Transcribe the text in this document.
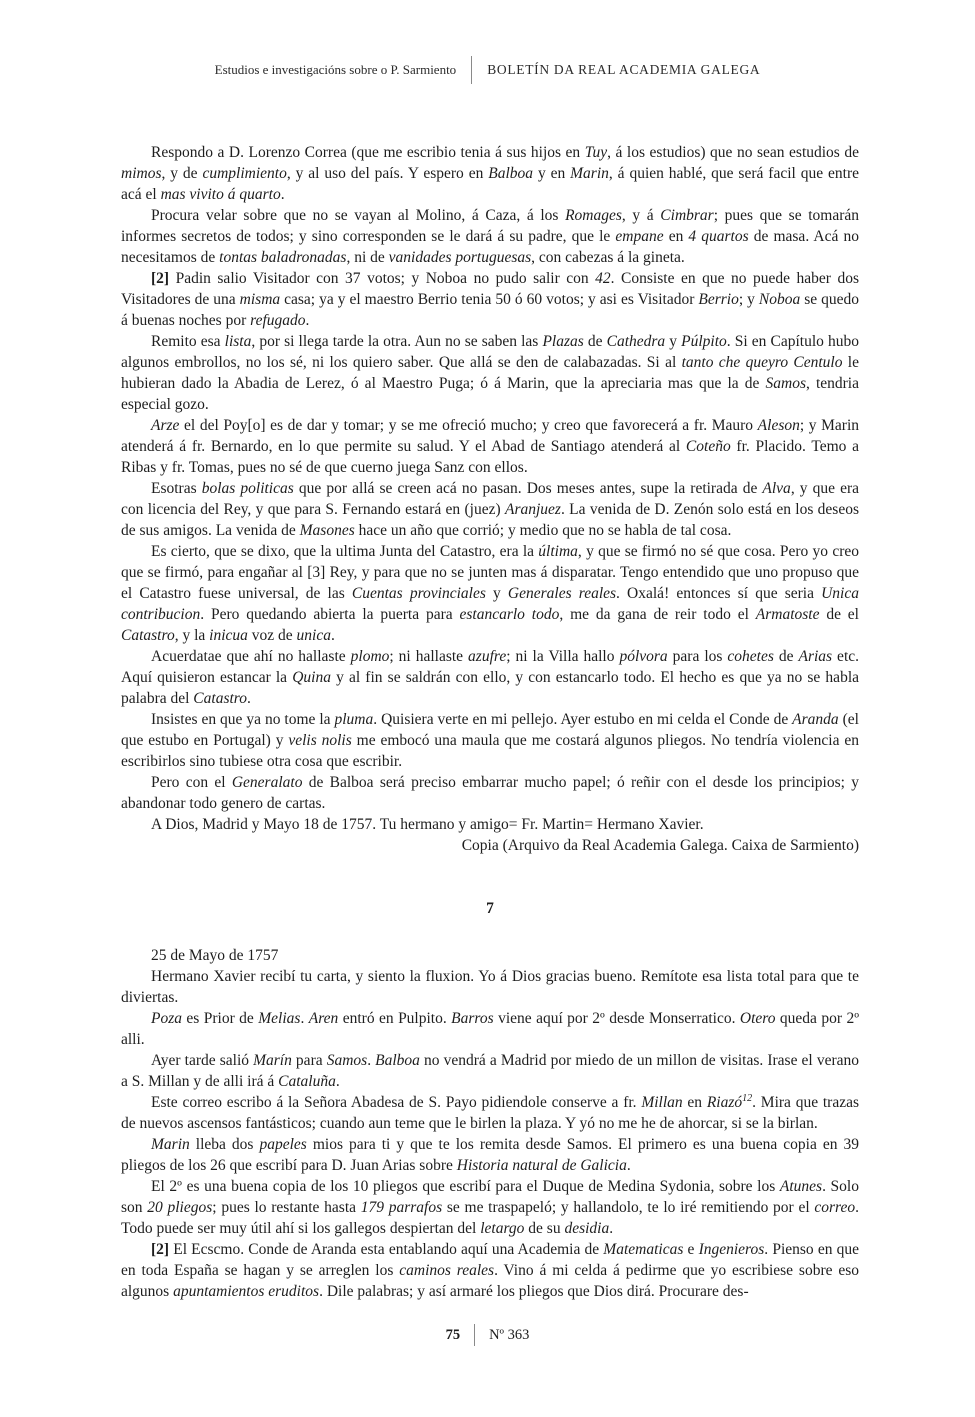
Estudios e investigacións sobre o P. Sarmiento BOLETÍN DA REAL ACADEMIA GALEGA

Respondo a D. Lorenzo Correa (que me escribio tenia á sus hijos en Tuy, á los estudios) que no sean estudios de mimos, y de cumplimiento, y al uso del país. Y espero en Balboa y en Marin, á quien hablé, que será facil que entre acá el mas vivito á quarto.

Procura velar sobre que no se vayan al Molino, á Caza, á los Romages, y á Cimbrar; pues que se tomarán informes secretos de todos; y sino corresponden se le dará á su padre, que le empane en 4 quartos de masa. Acá no necesitamos de tontas baladronadas, ni de vanidades portuguesas, con cabezas á la gineta.

[2] Padin salio Visitador con 37 votos; y Noboa no pudo salir con 42. Consiste en que no puede haber dos Visitadores de una misma casa; ya y el maestro Berrio tenia 50 ó 60 votos; y asi es Visitador Berrio; y Noboa se quedo á buenas noches por refugado.

Remito esa lista, por si llega tarde la otra. Aun no se saben las Plazas de Cathedra y Púlpito. Si en Capítulo hubo algunos embrollos, no los sé, ni los quiero saber. Que allá se den de calabazadas. Si al tanto che queyro Centulo le hubieran dado la Abadia de Lerez, ó al Maestro Puga; ó á Marin, que la apreciaria mas que la de Samos, tendria especial gozo.

Arze el del Poy[o] es de dar y tomar; y se me ofreció mucho; y creo que favorecerá a fr. Mauro Aleson; y Marin atenderá á fr. Bernardo, en lo que permite su salud. Y el Abad de Santiago atenderá al Coteño fr. Placido. Temo a Ribas y fr. Tomas, pues no sé de que cuerno juega Sanz con ellos.

Esotras bolas politicas que por allá se creen acá no pasan. Dos meses antes, supe la retirada de Alva, y que era con licencia del Rey, y que para S. Fernando estará en (juez) Aranjuez. La venida de D. Zenón solo está en los deseos de sus amigos. La venida de Masones hace un año que corrió; y medio que no se habla de tal cosa.

Es cierto, que se dixo, que la ultima Junta del Catastro, era la última, y que se firmó no sé que cosa. Pero yo creo que se firmó, para engañar al [3] Rey, y para que no se junten mas á disparatar. Tengo entendido que uno propuso que el Catastro fuese universal, de las Cuentas provinciales y Generales reales. Oxalá! entonces sí que seria Unica contribucion. Pero quedando abierta la puerta para estancarlo todo, me da gana de reir todo el Armatoste de el Catastro, y la inicua voz de unica.

Acuerdatae que ahí no hallaste plomo; ni hallaste azufre; ni la Villa hallo pólvora para los cohetes de Arias etc. Aquí quisieron estancar la Quina y al fin se saldrán con ello, y con estancarlo todo. El hecho es que ya no se habla palabra del Catastro.

Insistes en que ya no tome la pluma. Quisiera verte en mi pellejo. Ayer estubo en mi celda el Conde de Aranda (el que estubo en Portugal) y velis nolis me embocó una maula que me costará algunos pliegos. No tendría violencia en escribirlos sino tubiese otra cosa que escribir.

Pero con el Generalato de Balboa será preciso embarrar mucho papel; ó reñir con el desde los principios; y abandonar todo genero de cartas.

A Dios, Madrid y Mayo 18 de 1757. Tu hermano y amigo= Fr. Martin= Hermano Xavier.

Copia (Arquivo da Real Academia Galega. Caixa de Sarmiento)

7

25 de Mayo de 1757

Hermano Xavier recibí tu carta, y siento la fluxion. Yo á Dios gracias bueno. Remítote esa lista total para que te diviertas.

Poza es Prior de Melias. Aren entró en Pulpito. Barros viene aquí por 2º desde Monserratico. Otero queda por 2º alli.

Ayer tarde salió Marín para Samos. Balboa no vendrá a Madrid por miedo de un millon de visitas. Irase el verano a S. Millan y de alli irá á Cataluña.

Este correo escribo á la Señora Abadesa de S. Payo pidiendole conserve a fr. Millan en Riazó$^{12}$. Mira que trazas de nuevos ascensos fantásticos; cuando aun teme que le birlen la plaza. Y yó no me he de ahorcar, si se la birlan.

Marin lleba dos papeles mios para ti y que te los remita desde Samos. El primero es una buena copia en 39 pliegos de los 26 que escribí para D. Juan Arias sobre Historia natural de Galicia.

El 2º es una buena copia de los 10 pliegos que escribí para el Duque de Medina Sydonia, sobre los Atunes. Solo son 20 pliegos; pues lo restante hasta 179 parrafos se me traspapeló; y hallandolo, te lo iré remitiendo por el correo. Todo puede ser muy útil ahí si los gallegos despiertan del letargo de su desidia.

[2] El Ecscmo. Conde de Aranda esta entablando aquí una Academia de Matematicas e Ingenieros. Pienso en que en toda España se hagan y se arreglen los caminos reales. Vino á mi celda á pedirme que yo escribiese sobre eso algunos apuntamientos eruditos. Dile palabras; y así armaré los pliegos que Dios dirá. Procurare des-

75 Nº 363
